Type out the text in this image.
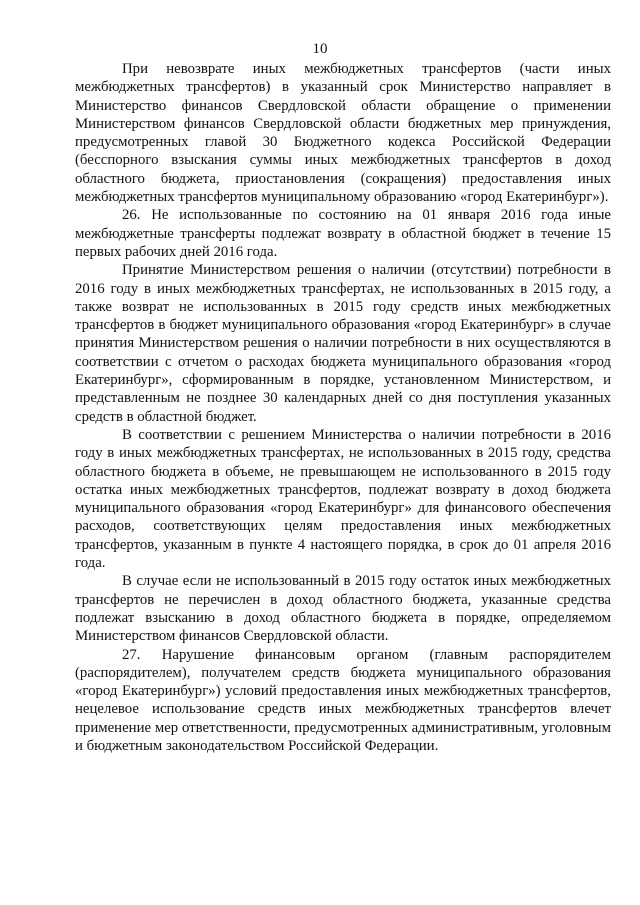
10

При невозврате иных межбюджетных трансфертов (части иных межбюджетных трансфертов) в указанный срок Министерство направляет в Министерство финансов Свердловской области обращение о применении Министерством финансов Свердловской области бюджетных мер принуждения, предусмотренных главой 30 Бюджетного кодекса Российской Федерации (бесспорного взыскания суммы иных межбюджетных трансфертов в доход областного бюджета, приостановления (сокращения) предоставления иных межбюджетных трансфертов муниципальному образованию «город Екатеринбург»).

26. Не использованные по состоянию на 01 января 2016 года иные межбюджетные трансферты подлежат возврату в областной бюджет в течение 15 первых рабочих дней 2016 года.

Принятие Министерством решения о наличии (отсутствии) потребности в 2016 году в иных межбюджетных трансфертах, не использованных в 2015 году, а также возврат не использованных в 2015 году средств иных межбюджетных трансфертов в бюджет муниципального образования «город Екатеринбург» в случае принятия Министерством решения о наличии потребности в них осуществляются в соответствии с отчетом о расходах бюджета муниципального образования «город Екатеринбург», сформированным в порядке, установленном Министерством, и представленным не позднее 30 календарных дней со дня поступления указанных средств в областной бюджет.

В соответствии с решением Министерства о наличии потребности в 2016 году в иных межбюджетных трансфертах, не использованных в 2015 году, средства областного бюджета в объеме, не превышающем не использованного в 2015 году остатка иных межбюджетных трансфертов, подлежат возврату в доход бюджета муниципального образования «город Екатеринбург» для финансового обеспечения расходов, соответствующих целям предоставления иных межбюджетных трансфертов, указанным в пункте 4 настоящего порядка, в срок до 01 апреля 2016 года.

В случае если не использованный в 2015 году остаток иных межбюджетных трансфертов не перечислен в доход областного бюджета, указанные средства подлежат взысканию в доход областного бюджета в порядке, определяемом Министерством финансов Свердловской области.

27. Нарушение финансовым органом (главным распорядителем (распорядителем), получателем средств бюджета муниципального образования «город Екатеринбург») условий предоставления иных межбюджетных трансфертов, нецелевое использование средств иных межбюджетных трансфертов влечет применение мер ответственности, предусмотренных административным, уголовным и бюджетным законодательством Российской Федерации.
